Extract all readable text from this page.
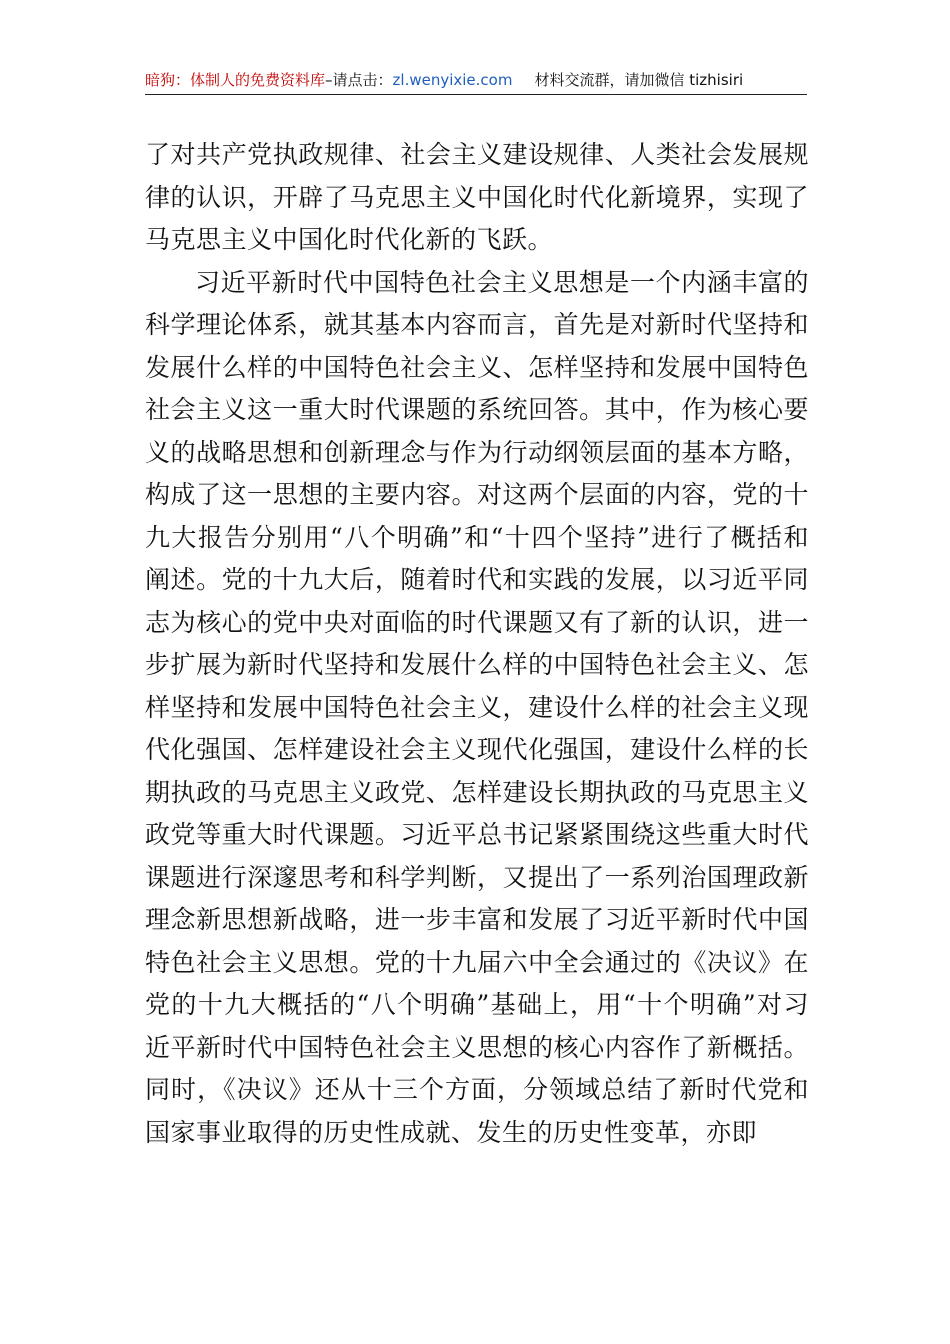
暗狗：体制人的免费资料库–请点击：zl.wenyixie.com 材料交流群，请加微信 tizhisiri

了对共产党执政规律、社会主义建设规律、人类社会发展规律的认识，开辟了马克思主义中国化时代化新境界，实现了马克思主义中国化时代化新的飞跃。

习近平新时代中国特色社会主义思想是一个内涵丰富的科学理论体系，就其基本内容而言，首先是对新时代坚持和发展什么样的中国特色社会主义、怎样坚持和发展中国特色社会主义这一重大时代课题的系统回答。其中，作为核心要义的战略思想和创新理念与作为行动纲领层面的基本方略，构成了这一思想的主要内容。对这两个层面的内容，党的十九大报告分别用“八个明确”和“十四个坚持”进行了概括和阐述。党的十九大后，随着时代和实践的发展，以习近平同志为核心的党中央对面临的时代课题又有了新的认识，进一步扩展为新时代坚持和发展什么样的中国特色社会主义、怎样坚持和发展中国特色社会主义，建设什么样的社会主义现代化强国、怎样建设社会主义现代化强国，建设什么样的长期执政的马克思主义政党、怎样建设长期执政的马克思主义政党等重大时代课题。习近平总书记紧紧围绕这些重大时代课题进行深邃思考和科学判断，又提出了一系列治国理政新理念新思想新战略，进一步丰富和发展了习近平新时代中国特色社会主义思想。党的十九届六中全会通过的《决议》在党的十九大概括的“八个明确”基础上，用“十个明确”对习近平新时代中国特色社会主义思想的核心内容作了新概括。同时，《决议》还从十三个方面，分领域总结了新时代党和国家事业取得的历史性成就、发生的历史性变革，亦即
